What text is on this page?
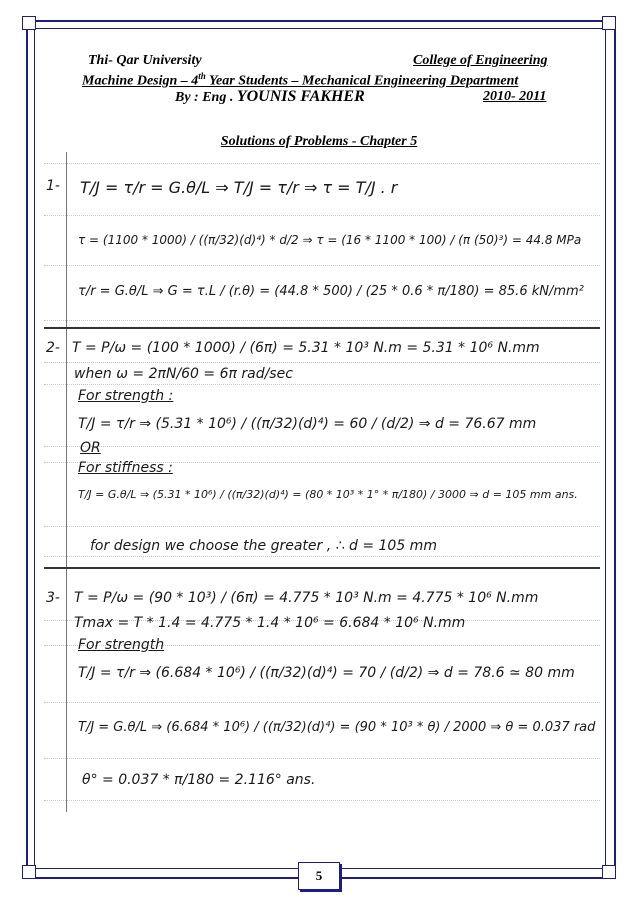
Thi- Qar University	College of Engineering
Machine Design – 4th Year Students – Mechanical Engineering Department
By : Eng . YOUNIS FAKHER	2010- 2011
Solutions of Problems - Chapter 5
1- T/J = τ/r = G.θ/L ⇒ T/J = τ/r ⇒ τ = T/J . r
τ = (1100 * 1000) / ((π/32)(d)⁴) * d/2 ⇒ τ = (16 * 1100 * 100) / (π (50)³) = 44.8 MPa
τ/r = G.θ/L ⇒ G = τ.L / (r.θ) = (44.8 * 500) / (25 * 0.6 * π/180) = 85.6 kN/mm²
2- T = P/ω = (100 * 1000) / (6π) = 5.31 * 10³ N.m = 5.31 * 10⁶ N.mm
when ω = 2πN/60 = 6π rad/sec
For strength :
T/J = τ/r ⇒ (5.31 * 10⁶) / ((π/32)(d)⁴) = 60 / (d/2) ⇒ d = 76.67 mm
OR
For stiffness :
T/J = G.θ/L ⇒ (5.31 * 10⁶) / ((π/32)(d)⁴) = (80 * 10³ * 1° * π/180) / 3000 ⇒ d = 105 mm ans.
for design we choose the greater , ∴ d = 105 mm
3- T = P/ω = (90 * 10³) / (6π) = 4.775 * 10³ N.m = 4.775 * 10⁶ N.mm
Tmax = T * 1.4 = 4.775 * 1.4 * 10⁶ = 6.684 * 10⁶ N.mm
For strength
T/J = τ/r ⇒ (6.684 * 10⁶) / ((π/32)(d)⁴) = 70 / (d/2) ⇒ d = 78.6 ≃ 80 mm
T/J = G.θ/L ⇒ (6.684 * 10⁶) / ((π/32)(d)⁴) = (90 * 10³ * θ) / 2000 ⇒ θ = 0.037 rad
θ° = 0.037 * π/180 = 2.116° ans.
5
